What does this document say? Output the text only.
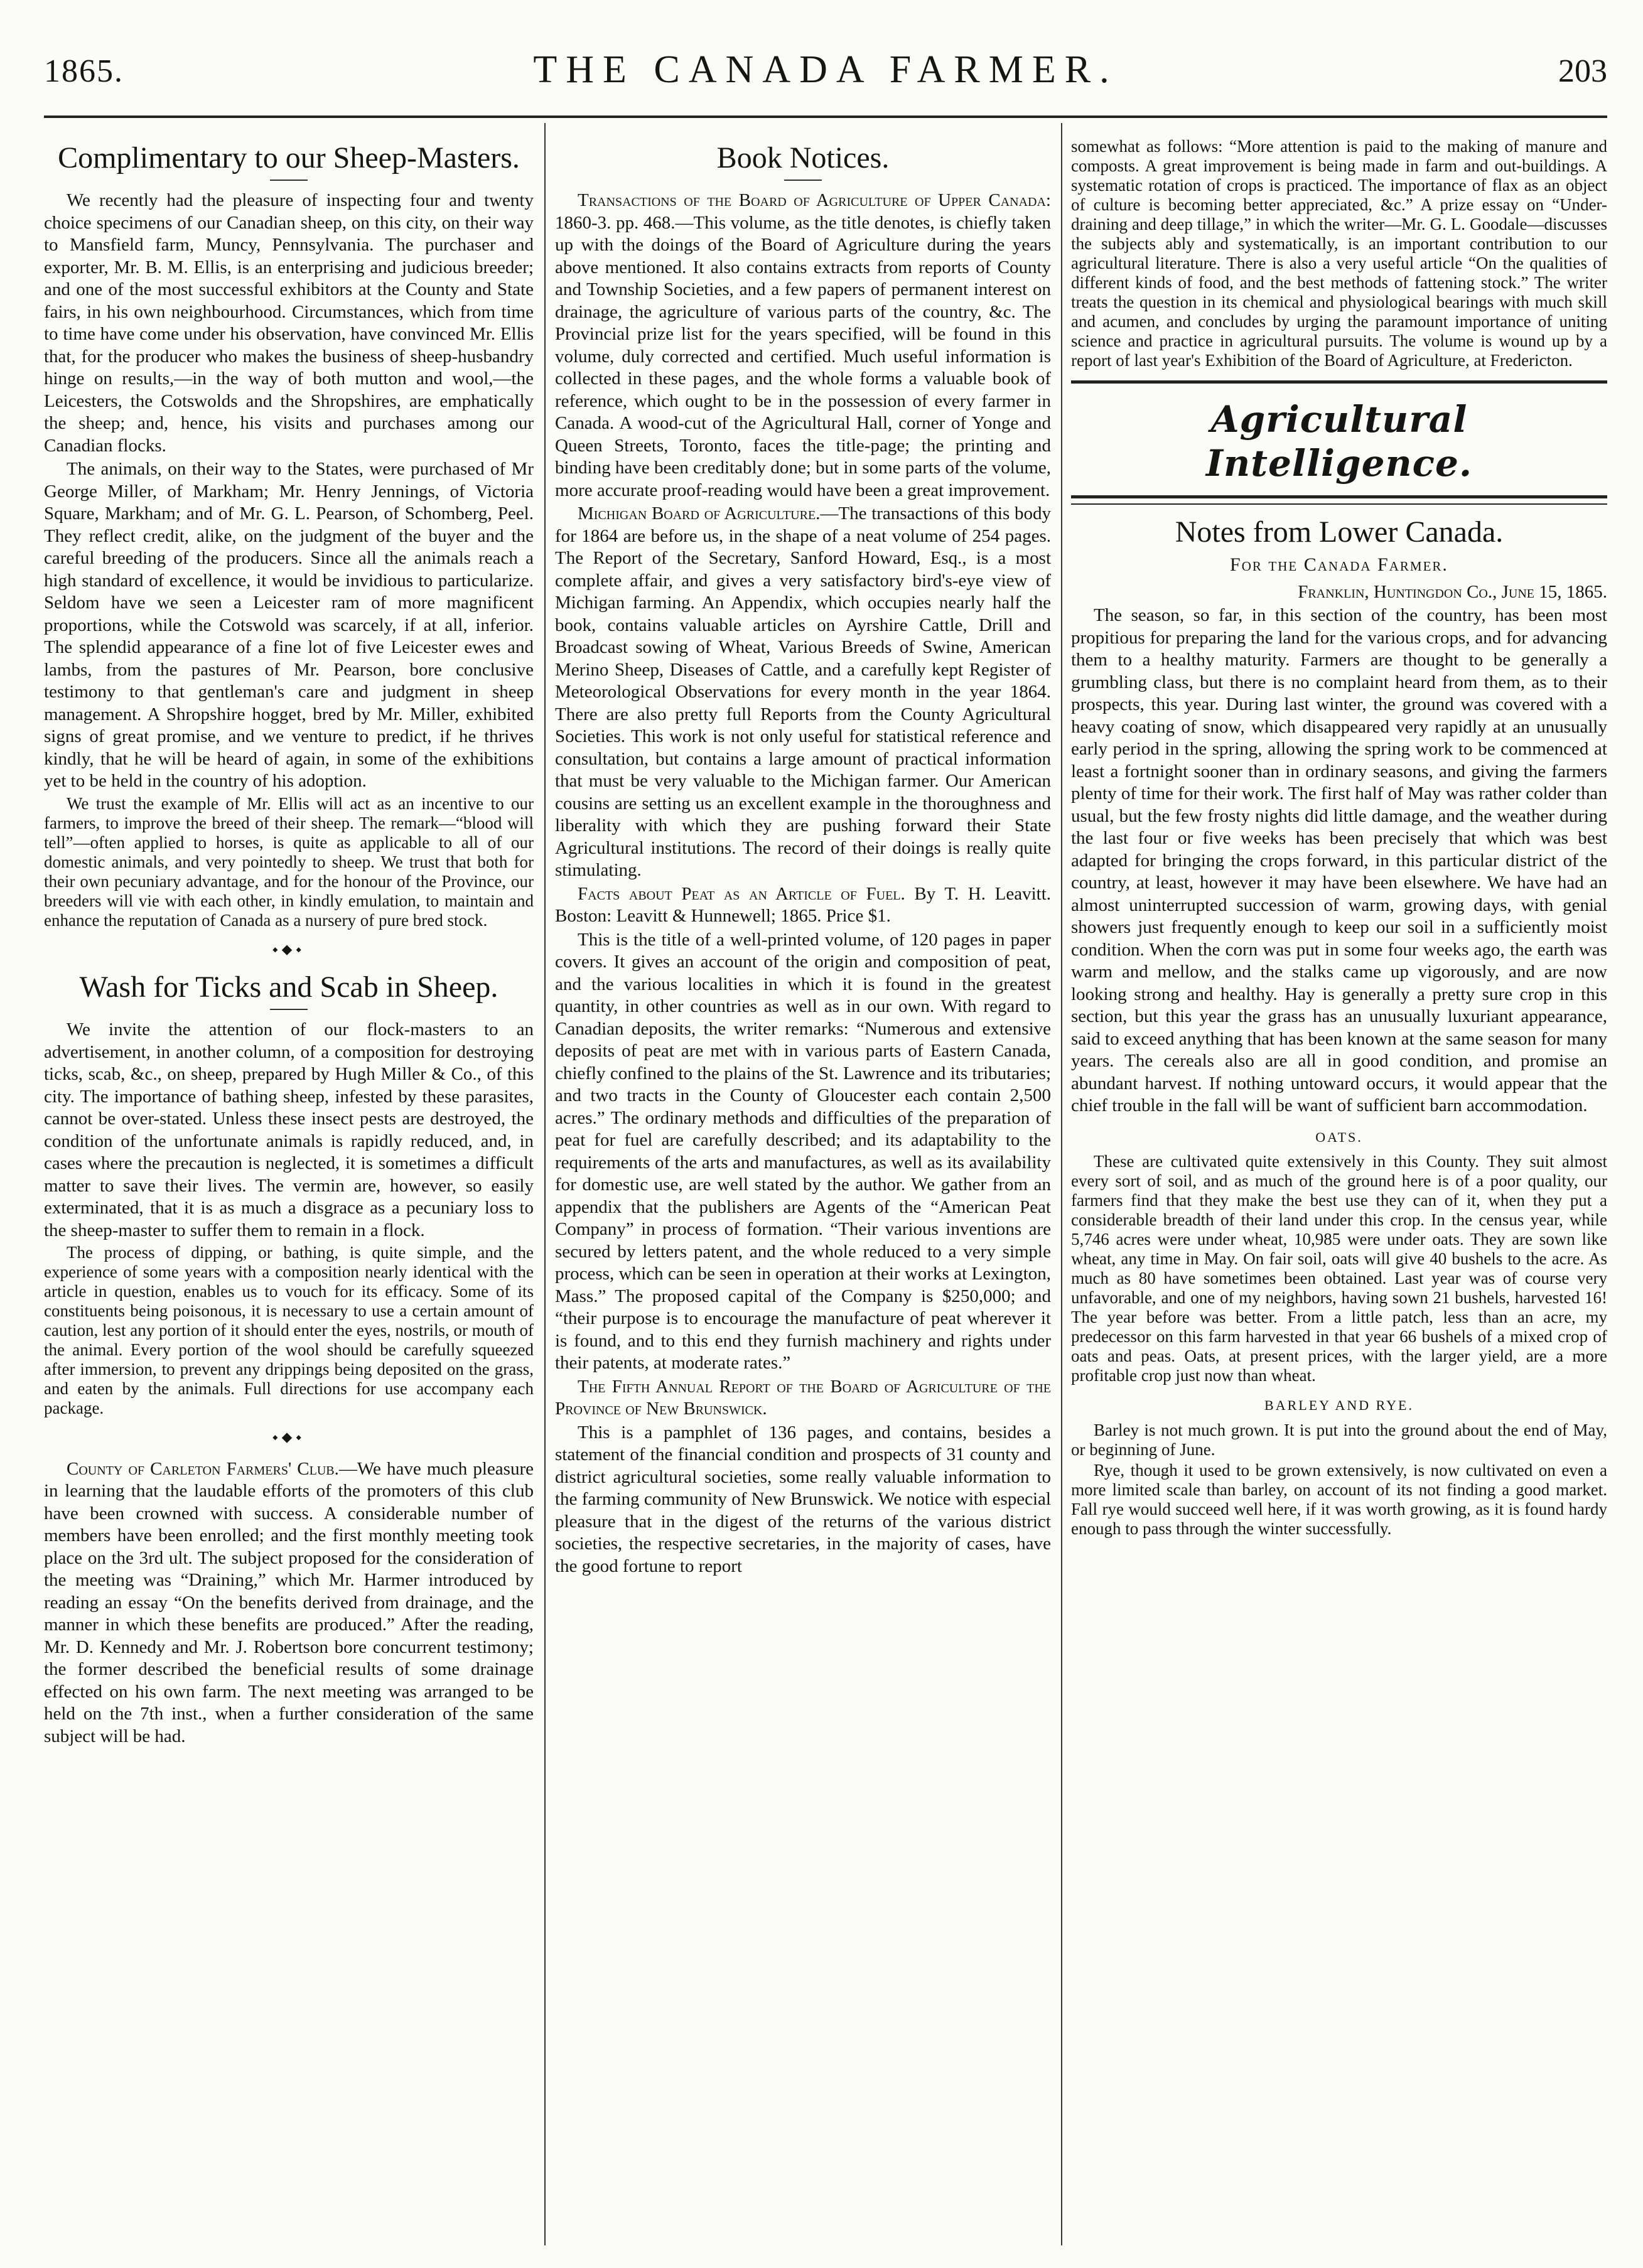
1865.	THE CANADA FARMER.	203
Complimentary to our Sheep-Masters.

We recently had the pleasure of inspecting four and twenty choice specimens of our Canadian sheep, on this city, on their way to Mansfield farm, Muncy, Pennsylvania. The purchaser and exporter, Mr. B. M. Ellis, is an enterprising and judicious breeder; and one of the most successful exhibitors at the County and State fairs, in his own neighbourhood. Circumstances, which from time to time have come under his observation, have convinced Mr. Ellis that, for the producer who makes the business of sheep-husbandry hinge on results,—in the way of both mutton and wool,—the Leicesters, the Cotswolds and the Shropshires, are emphatically the sheep; and, hence, his visits and purchases among our Canadian flocks.

The animals, on their way to the States, were purchased of Mr George Miller, of Markham; Mr. Henry Jennings, of Victoria Square, Markham; and of Mr. G. L. Pearson, of Schomberg, Peel. They reflect credit, alike, on the judgment of the buyer and the careful breeding of the producers. Since all the animals reach a high standard of excellence, it would be invidious to particularize. Seldom have we seen a Leicester ram of more magnificent proportions, while the Cotswold was scarcely, if at all, inferior. The splendid appearance of a fine lot of five Leicester ewes and lambs, from the pastures of Mr. Pearson, bore conclusive testimony to that gentleman's care and judgment in sheep management. A Shropshire hogget, bred by Mr. Miller, exhibited signs of great promise, and we venture to predict, if he thrives kindly, that he will be heard of again, in some of the exhibitions yet to be held in the country of his adoption.

We trust the example of Mr. Ellis will act as an incentive to our farmers, to improve the breed of their sheep. The remark—“blood will tell”—often applied to horses, is quite as applicable to all of our domestic animals, and very pointedly to sheep. We trust that both for their own pecuniary advantage, and for the honour of the Province, our breeders will vie with each other, in kindly emulation, to maintain and enhance the reputation of Canada as a nursery of pure bred stock.

⬩⬥⬩
Wash for Ticks and Scab in Sheep.

We invite the attention of our flock-masters to an advertisement, in another column, of a composition for destroying ticks, scab, &c., on sheep, prepared by Hugh Miller & Co., of this city. The importance of bathing sheep, infested by these parasites, cannot be over-stated. Unless these insect pests are destroyed, the condition of the unfortunate animals is rapidly reduced, and, in cases where the precaution is neglected, it is sometimes a difficult matter to save their lives. The vermin are, however, so easily exterminated, that it is as much a disgrace as a pecuniary loss to the sheep-master to suffer them to remain in a flock.

The process of dipping, or bathing, is quite simple, and the experience of some years with a composition nearly identical with the article in question, enables us to vouch for its efficacy. Some of its constituents being poisonous, it is necessary to use a certain amount of caution, lest any portion of it should enter the eyes, nostrils, or mouth of the animal. Every portion of the wool should be carefully squeezed after immersion, to prevent any drippings being deposited on the grass, and eaten by the animals. Full directions for use accompany each package.

⬩⬥⬩

County of Carleton Farmers' Club.—We have much pleasure in learning that the laudable efforts of the promoters of this club have been crowned with success. A considerable number of members have been enrolled; and the first monthly meeting took place on the 3rd ult. The subject proposed for the consideration of the meeting was “Draining,” which Mr. Harmer introduced by reading an essay “On the benefits derived from drainage, and the manner in which these benefits are produced.” After the reading, Mr. D. Kennedy and Mr. J. Robertson bore concurrent testimony; the former described the beneficial results of some drainage effected on his own farm. The next meeting was arranged to be held on the 7th inst., when a further consideration of the same subject will be had.

Book Notices.

Transactions of the Board of Agriculture of Upper Canada: 1860-3. pp. 468.—This volume, as the title denotes, is chiefly taken up with the doings of the Board of Agriculture during the years above mentioned. It also contains extracts from reports of County and Township Societies, and a few papers of permanent interest on drainage, the agriculture of various parts of the country, &c. The Provincial prize list for the years specified, will be found in this volume, duly corrected and certified. Much useful information is collected in these pages, and the whole forms a valuable book of reference, which ought to be in the possession of every farmer in Canada. A wood-cut of the Agricultural Hall, corner of Yonge and Queen Streets, Toronto, faces the title-page; the printing and binding have been creditably done; but in some parts of the volume, more accurate proof-reading would have been a great improvement.

Michigan Board of Agriculture.—The transactions of this body for 1864 are before us, in the shape of a neat volume of 254 pages. The Report of the Secretary, Sanford Howard, Esq., is a most complete affair, and gives a very satisfactory bird's-eye view of Michigan farming. An Appendix, which occupies nearly half the book, contains valuable articles on Ayrshire Cattle, Drill and Broadcast sowing of Wheat, Various Breeds of Swine, American Merino Sheep, Diseases of Cattle, and a carefully kept Register of Meteorological Observations for every month in the year 1864. There are also pretty full Reports from the County Agricultural Societies. This work is not only useful for statistical reference and consultation, but contains a large amount of practical information that must be very valuable to the Michigan farmer. Our American cousins are setting us an excellent example in the thoroughness and liberality with which they are pushing forward their State Agricultural institutions. The record of their doings is really quite stimulating.

Facts about Peat as an Article of Fuel. By T. H. Leavitt. Boston: Leavitt & Hunnewell; 1865. Price $1.

This is the title of a well-printed volume, of 120 pages in paper covers. It gives an account of the origin and composition of peat, and the various localities in which it is found in the greatest quantity, in other countries as well as in our own. With regard to Canadian deposits, the writer remarks: “Numerous and extensive deposits of peat are met with in various parts of Eastern Canada, chiefly confined to the plains of the St. Lawrence and its tributaries; and two tracts in the County of Gloucester each contain 2,500 acres.” The ordinary methods and difficulties of the preparation of peat for fuel are carefully described; and its adaptability to the requirements of the arts and manufactures, as well as its availability for domestic use, are well stated by the author. We gather from an appendix that the publishers are Agents of the “American Peat Company” in process of formation. “Their various inventions are secured by letters patent, and the whole reduced to a very simple process, which can be seen in operation at their works at Lexington, Mass.” The proposed capital of the Company is $250,000; and “their purpose is to encourage the manufacture of peat wherever it is found, and to this end they furnish machinery and rights under their patents, at moderate rates.”

The Fifth Annual Report of the Board of Agriculture of the Province of New Brunswick.

This is a pamphlet of 136 pages, and contains, besides a statement of the financial condition and prospects of 31 county and district agricultural societies, some really valuable information to the farming community of New Brunswick. We notice with especial pleasure that in the digest of the returns of the various district societies, the respective secretaries, in the majority of cases, have the good fortune to report

somewhat as follows: “More attention is paid to the making of manure and composts. A great improvement is being made in farm and out-buildings. A systematic rotation of crops is practiced. The importance of flax as an object of culture is becoming better appreciated, &c.” A prize essay on “Under-draining and deep tillage,” in which the writer—Mr. G. L. Goodale—discusses the subjects ably and systematically, is an important contribution to our agricultural literature. There is also a very useful article “On the qualities of different kinds of food, and the best methods of fattening stock.” The writer treats the question in its chemical and physiological bearings with much skill and acumen, and concludes by urging the paramount importance of uniting science and practice in agricultural pursuits. The volume is wound up by a report of last year's Exhibition of the Board of Agriculture, at Fredericton.

Agricultural Intelligence.
Notes from Lower Canada.
For the Canada Farmer.

Franklin, Huntingdon Co., June 15, 1865.

The season, so far, in this section of the country, has been most propitious for preparing the land for the various crops, and for advancing them to a healthy maturity. Farmers are thought to be generally a grumbling class, but there is no complaint heard from them, as to their prospects, this year. During last winter, the ground was covered with a heavy coating of snow, which disappeared very rapidly at an unusually early period in the spring, allowing the spring work to be commenced at least a fortnight sooner than in ordinary seasons, and giving the farmers plenty of time for their work. The first half of May was rather colder than usual, but the few frosty nights did little damage, and the weather during the last four or five weeks has been precisely that which was best adapted for bringing the crops forward, in this particular district of the country, at least, however it may have been elsewhere. We have had an almost uninterrupted succession of warm, growing days, with genial showers just frequently enough to keep our soil in a sufficiently moist condition. When the corn was put in some four weeks ago, the earth was warm and mellow, and the stalks came up vigorously, and are now looking strong and healthy. Hay is generally a pretty sure crop in this section, but this year the grass has an unusually luxuriant appearance, said to exceed anything that has been known at the same season for many years. The cereals also are all in good condition, and promise an abundant harvest. If nothing untoward occurs, it would appear that the chief trouble in the fall will be want of sufficient barn accommodation.

OATS.

These are cultivated quite extensively in this County. They suit almost every sort of soil, and as much of the ground here is of a poor quality, our farmers find that they make the best use they can of it, when they put a considerable breadth of their land under this crop. In the census year, while 5,746 acres were under wheat, 10,985 were under oats. They are sown like wheat, any time in May. On fair soil, oats will give 40 bushels to the acre. As much as 80 have sometimes been obtained. Last year was of course very unfavorable, and one of my neighbors, having sown 21 bushels, harvested 16! The year before was better. From a little patch, less than an acre, my predecessor on this farm harvested in that year 66 bushels of a mixed crop of oats and peas. Oats, at present prices, with the larger yield, are a more profitable crop just now than wheat.

BARLEY AND RYE.

Barley is not much grown. It is put into the ground about the end of May, or beginning of June.

Rye, though it used to be grown extensively, is now cultivated on even a more limited scale than barley, on account of its not finding a good market. Fall rye would succeed well here, if it was worth growing, as it is found hardy enough to pass through the winter successfully.
